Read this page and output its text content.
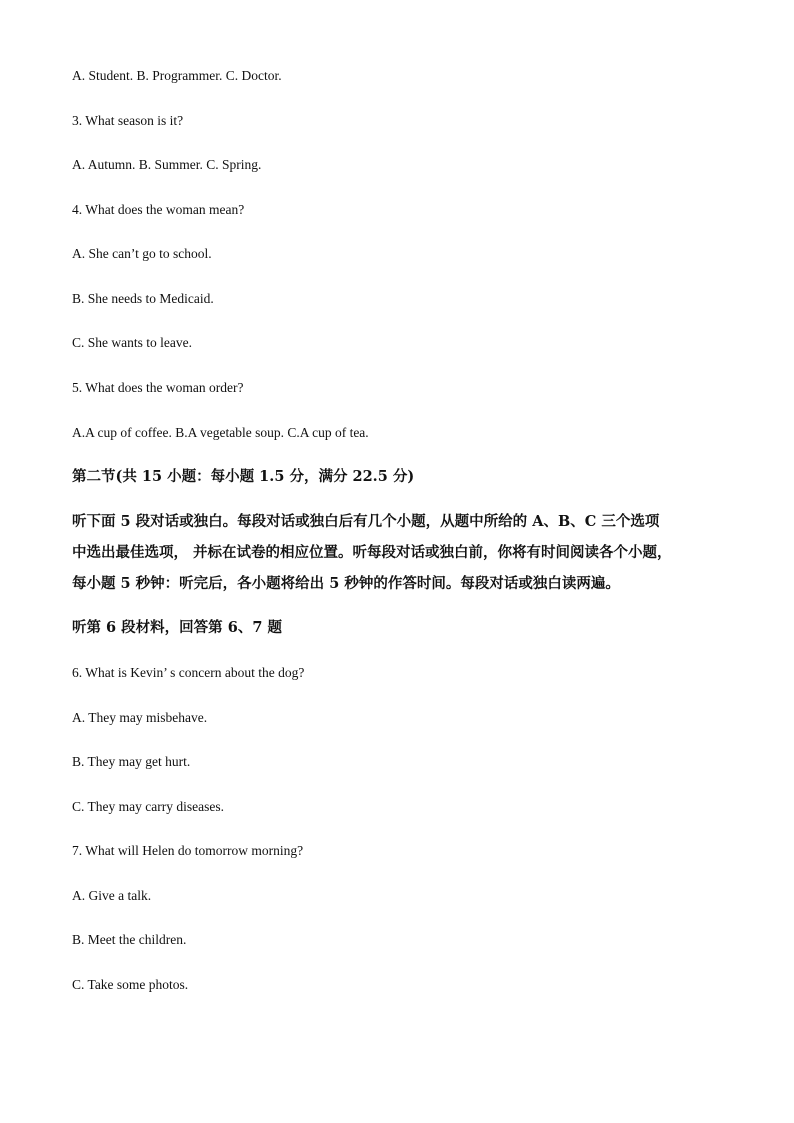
A. Student. B. Programmer. C. Doctor.
3. What season is it?
A. Autumn. B. Summer. C. Spring.
4. What does the woman mean?
A. She can’t go to school.
B. She needs to Medicaid.
C. She wants to leave.
5. What does the woman order?
A.A cup of coffee. B.A vegetable soup. C.A cup of tea.
第二节(共 15 小题：每小题 1.5 分，满分 22.5 分)
听下面 5 段对话或独白。每段对话或独白后有几个小题，从题中所给的 A、B、C 三个选项
中选出最佳选项， 并标在试卷的相应位置。听每段对话或独白前，你将有时间阅读各个小题，
每小题 5 秒钟：听完后，各小题将给出 5 秒钟的作答时间。每段对话或独白读两遍。
听第 6 段材料，回答第 6、7 题
6. What is Kevin’ s concern about the dog?
A. They may misbehave.
B. They may get hurt.
C. They may carry diseases.
7. What will Helen do tomorrow morning?
A. Give a talk.
B. Meet the children.
C. Take some photos.
